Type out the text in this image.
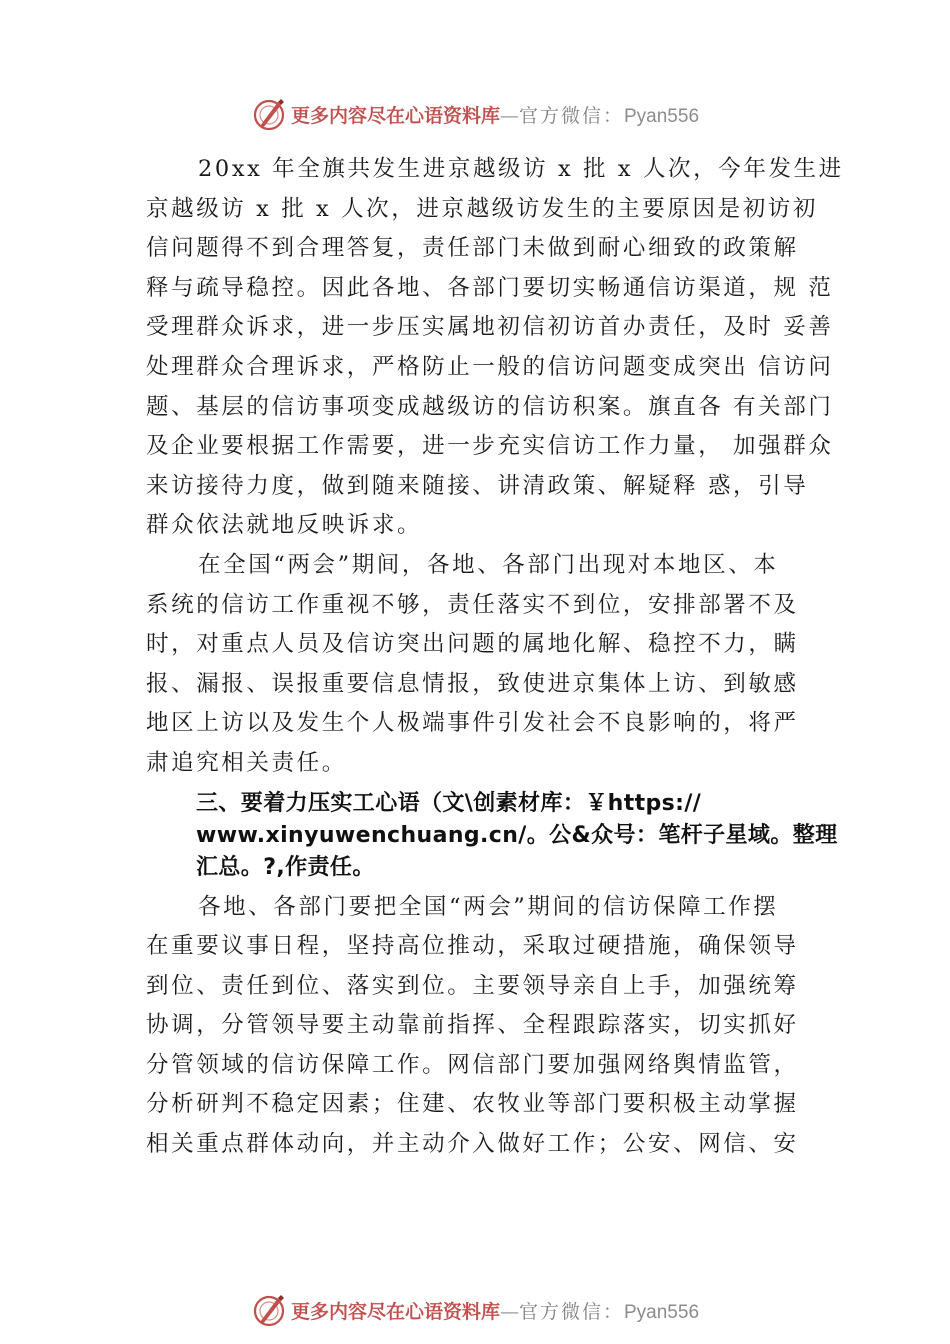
更多内容尽在心语资料库—官方微信：Pyan556

20xx 年全旗共发生进京越级访 x 批 x 人次，今年发生进
京越级访 x 批 x 人次，进京越级访发生的主要原因是初访初
信问题得不到合理答复，责任部门未做到耐心细致的政策解
释与疏导稳控。因此各地、各部门要切实畅通信访渠道，规 范
受理群众诉求，进一步压实属地初信初访首办责任，及时 妥善
处理群众合理诉求，严格防止一般的信访问题变成突出 信访问
题、基层的信访事项变成越级访的信访积案。旗直各 有关部门
及企业要根据工作需要，进一步充实信访工作力量， 加强群众
来访接待力度，做到随来随接、讲清政策、解疑释 惑，引导
群众依法就地反映诉求。

在全国“两会”期间，各地、各部门出现对本地区、本
系统的信访工作重视不够，责任落实不到位，安排部署不及
时，对重点人员及信访突出问题的属地化解、稳控不力，瞒
报、漏报、误报重要信息情报，致使进京集体上访、到敏感
地区上访以及发生个人极端事件引发社会不良影响的，将严
肃追究相关责任。

三、要着力压实工心语（文\创素材库：￥https://
www.xinyuwenchuang.cn/。公&众号：笔杆子星域。整理
汇总。?,作责任。

各地、各部门要把全国“两会”期间的信访保障工作摆
在重要议事日程，坚持高位推动，采取过硬措施，确保领导
到位、责任到位、落实到位。主要领导亲自上手，加强统筹
协调，分管领导要主动靠前指挥、全程跟踪落实，切实抓好
分管领域的信访保障工作。网信部门要加强网络舆情监管，
分析研判不稳定因素；住建、农牧业等部门要积极主动掌握
相关重点群体动向，并主动介入做好工作；公安、网信、安

更多内容尽在心语资料库—官方微信：Pyan556
